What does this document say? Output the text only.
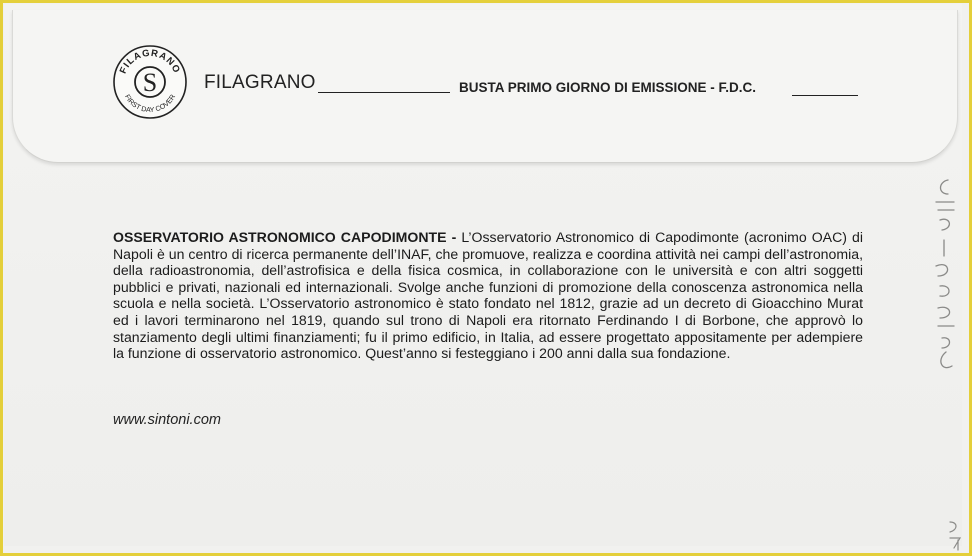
FILAGRANO
S
FIRST DAY COVER
FILAGRANO	BUSTA PRIMO GIORNO DI EMISSIONE - F.D.C.
OSSERVATORIO ASTRONOMICO CAPODIMONTE - L’Osservatorio Astronomico di Capodimonte (acronimo OAC) di Napoli è un centro di ricerca permanente dell’INAF, che promuove, realizza e coordina attività nei campi dell’astronomia, della radioastronomia, dell’astrofisica e della fisica cosmica, in collaborazione con le università e con altri soggetti pubblici e privati, nazionali ed internazionali. Svolge anche funzioni di promozione della conoscenza astronomica nella scuola e nella società. L’Osservatorio astronomico è stato fondato nel 1812, grazie ad un decreto di Gioacchino Murat ed i lavori terminarono nel 1819, quando sul trono di Napoli era ritornato Ferdinando I di Borbone, che approvò lo stanziamento degli ultimi finanziamenti; fu il primo edificio, in Italia, ad essere progettato appositamente per adempiere la funzione di osservatorio astronomico. Quest’anno si festeggiano i 200 anni dalla sua fondazione.
www.sintoni.com
